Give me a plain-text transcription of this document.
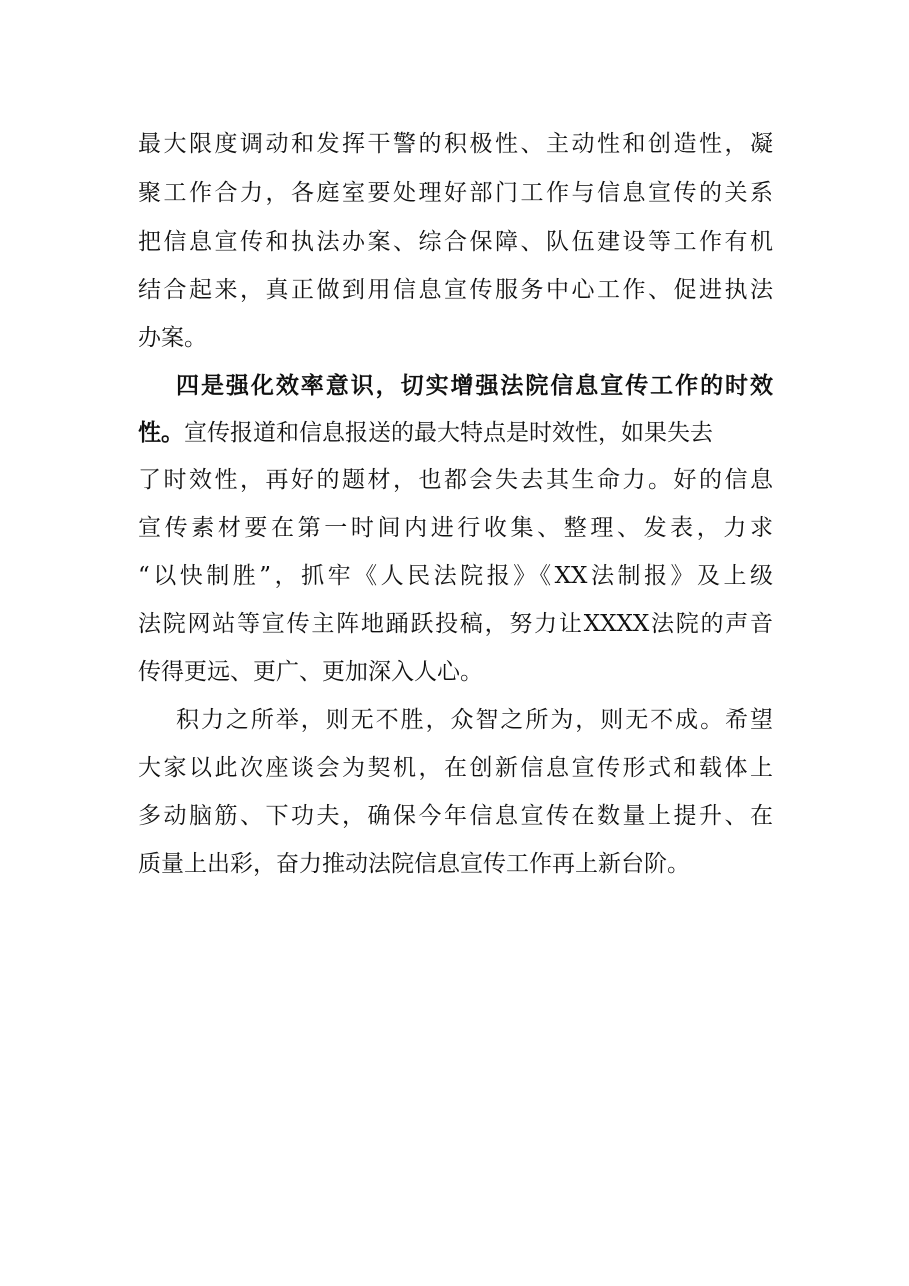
最大限度调动和发挥干警的积极性、主动性和创造性，凝
聚工作合力，各庭室要处理好部门工作与信息宣传的关系
把信息宣传和执法办案、综合保障、队伍建设等工作有机
结合起来，真正做到用信息宣传服务中心工作、促进执法
办案。
四是强化效率意识，切实增强法院信息宣传工作的时效
性。宣传报道和信息报送的最大特点是时效性，如果失去
了时效性，再好的题材，也都会失去其生命力。好的信息
宣传素材要在第一时间内进行收集、整理、发表，力求
“以快制胜”，抓牢《人民法院报》《XX法制报》及上级
法院网站等宣传主阵地踊跃投稿，努力让XXXX法院的声音
传得更远、更广、更加深入人心。
积力之所举，则无不胜，众智之所为，则无不成。希望
大家以此次座谈会为契机，在创新信息宣传形式和载体上
多动脑筋、下功夫，确保今年信息宣传在数量上提升、在
质量上出彩，奋力推动法院信息宣传工作再上新台阶。
